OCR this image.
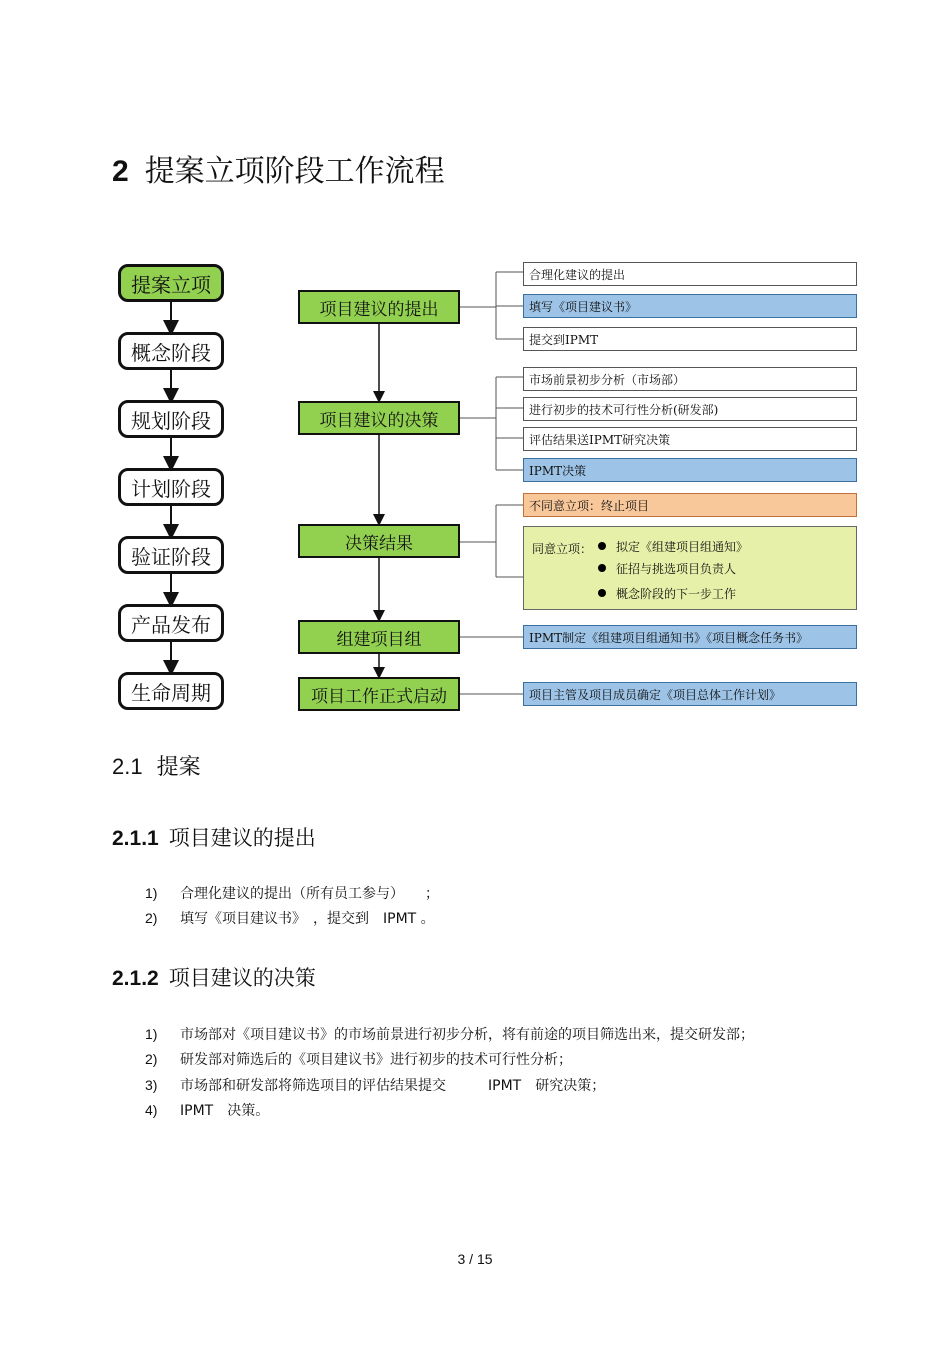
2 提案立项阶段工作流程
提案立项
概念阶段
规划阶段
计划阶段
验证阶段
产品发布
生命周期
项目建议的提出
项目建议的决策
决策结果
组建项目组
项目工作正式启动
合理化建议的提出
填写《项目建议书》
提交到IPMT
市场前景初步分析（市场部）
进行初步的技术可行性分析(研发部)
评估结果送IPMT研究决策
IPMT决策
不同意立项：终止项目
同意立项：	拟定《组建项目组通知》
征招与挑选项目负责人
概念阶段的下一步工作
IPMT制定《组建项目组通知书》《项目概念任务书》
项目主管及项目成员确定《项目总体工作计划》
2.1 提案
2.1.1 项目建议的提出
1) 合理化建议的提出（所有员工参与）　　；
2) 填写《项目建议书》　，提交到　IPMT 。
2.1.2 项目建议的决策
1) 市场部对《项目建议书》的市场前景进行初步分析，将有前途的项目筛选出来，提交研发部；
2) 研发部对筛选后的《项目建议书》进行初步的技术可行性分析；
3) 市场部和研发部将筛选项目的评估结果提交　　　IPMT　研究决策；
4) IPMT　决策。
3 / 15
